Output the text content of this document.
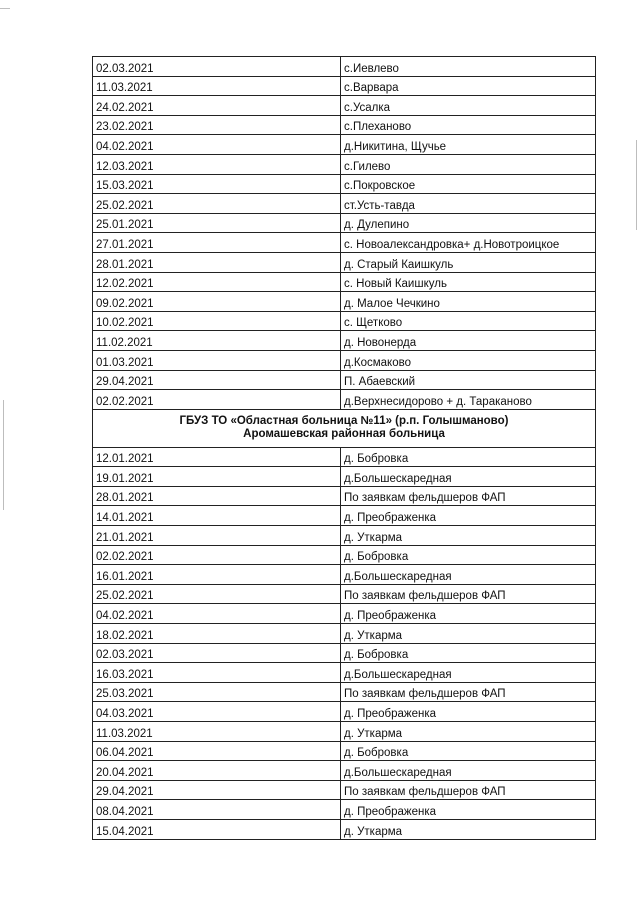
02.03.2021	с.Иевлево
11.03.2021	с.Варвара
24.02.2021	с.Усалка
23.02.2021	с.Плеханово
04.02.2021	д.Никитина, Щучье
12.03.2021	с.Гилево
15.03.2021	с.Покровское
25.02.2021	ст.Усть-тавда
25.01.2021	д. Дулепино
27.01.2021	с. Новоалександровка+ д.Новотроицкое
28.01.2021	д. Старый Каишкуль
12.02.2021	с. Новый Каишкуль
09.02.2021	д. Малое Чечкино
10.02.2021	с. Щетково
11.02.2021	д. Новонерда
01.03.2021	д.Космаково
29.04.2021	П. Абаевский
02.02.2021	д.Верхнесидорово + д. Тараканово

ГБУЗ ТО «Областная больница №11» (р.п. Голышманово)
Аромашевская районная больница	

12.01.2021	д. Бобровка
19.01.2021	д.Большескаредная
28.01.2021	По заявкам фельдшеров ФАП
14.01.2021	д. Преображенка
21.01.2021	д. Уткарма
02.02.2021	д. Бобровка
16.01.2021	д.Большескаредная
25.02.2021	По заявкам фельдшеров ФАП
04.02.2021	д. Преображенка
18.02.2021	д. Уткарма
02.03.2021	д. Бобровка
16.03.2021	д.Большескаредная
25.03.2021	По заявкам фельдшеров ФАП
04.03.2021	д. Преображенка
11.03.2021	д. Уткарма
06.04.2021	д. Бобровка
20.04.2021	д.Большескаредная
29.04.2021	По заявкам фельдшеров ФАП
08.04.2021	д. Преображенка
15.04.2021	д. Уткарма
